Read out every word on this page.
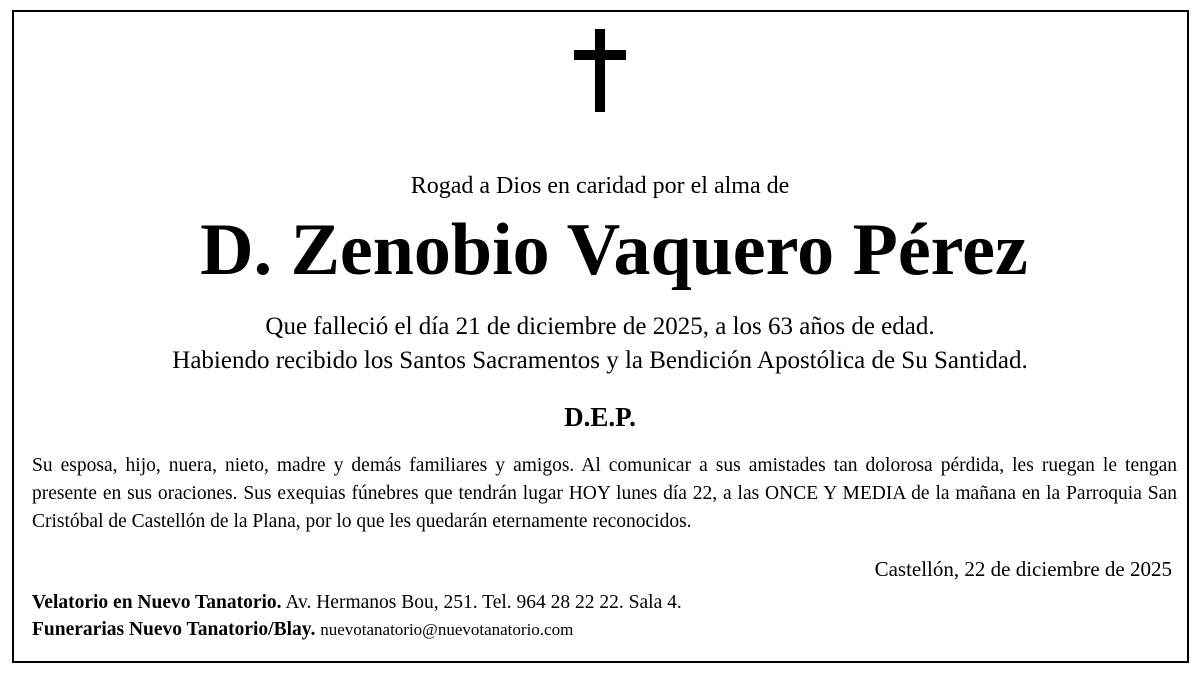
Rogad a Dios en caridad por el alma de
D. Zenobio Vaquero Pérez
Que falleció el día 21 de diciembre de 2025, a los 63 años de edad.
Habiendo recibido los Santos Sacramentos y la Bendición Apostólica de Su Santidad.
D.E.P.
Su esposa, hijo, nuera, nieto, madre y demás familiares y amigos. Al comunicar a sus amistades tan dolorosa pérdida, les ruegan le tengan presente en sus oraciones. Sus exequias fúnebres que tendrán lugar HOY lunes día 22, a las ONCE Y MEDIA de la mañana en la Parroquia San Cristóbal de Castellón de la Plana, por lo que les quedarán eternamente reconocidos.
Castellón, 22 de diciembre de 2025
Velatorio en Nuevo Tanatorio. Av. Hermanos Bou, 251. Tel. 964 28 22 22. Sala 4.
Funerarias Nuevo Tanatorio/Blay. nuevotanatorio@nuevotanatorio.com
